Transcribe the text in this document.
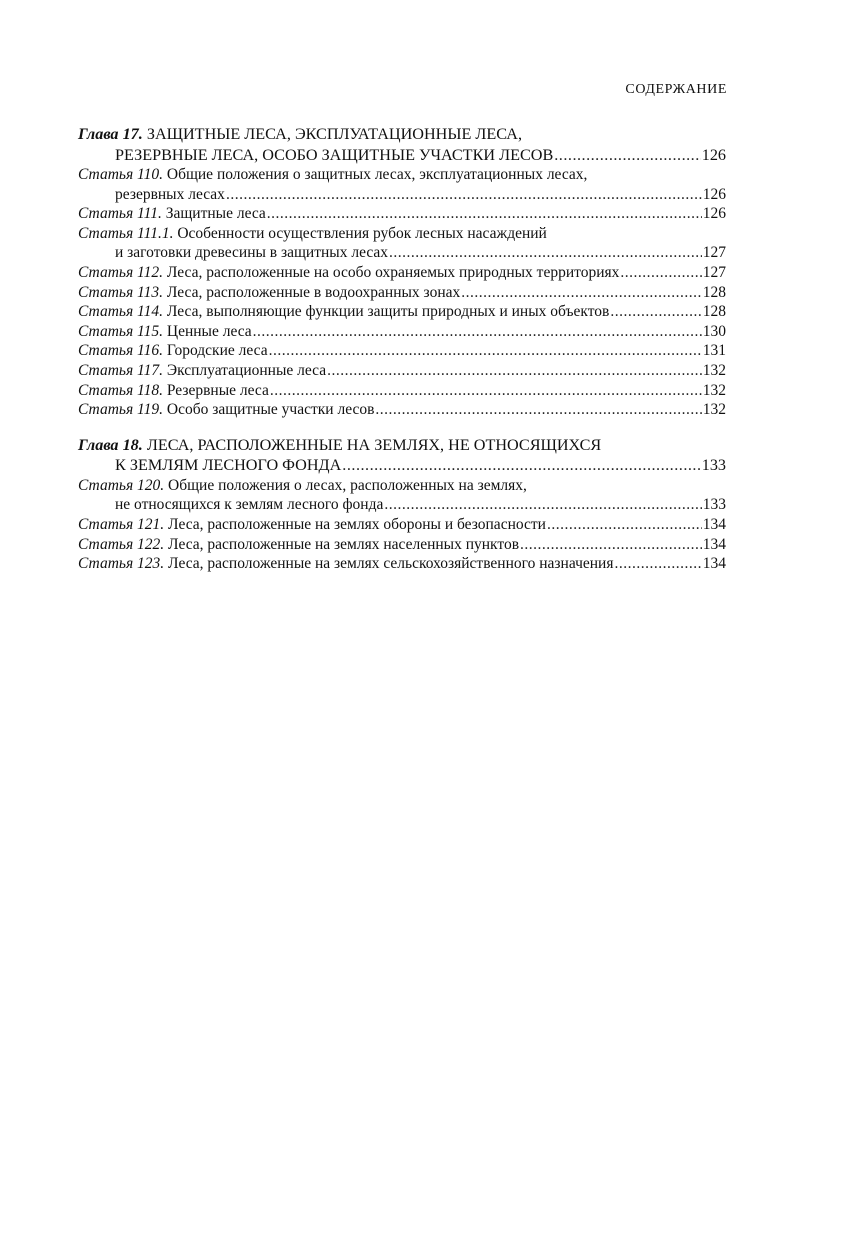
СОДЕРЖАНИЕ
Глава 17.
ЗАЩИТНЫЕ ЛЕСА, ЭКСПЛУАТАЦИОННЫЕ ЛЕСА,
РЕЗЕРВНЫЕ ЛЕСА, ОСОБО ЗАЩИТНЫЕ УЧАСТКИ ЛЕСОВ .....	126
Статья 110.
Общие положения о защитных лесах, эксплуатационных лесах,
резервных лесах .....	126
Статья 111.
Защитные леса .....	126
Статья 111.1.
Особенности осуществления рубок лесных насаждений
и заготовки древесины в защитных лесах .....	127
Статья 112.
Леса, расположенные на особо охраняемых природных территориях .....	127
Статья 113.
Леса, расположенные в водоохранных зонах .....	128
Статья 114.
Леса, выполняющие функции защиты природных и иных объектов .....	128
Статья 115.
Ценные леса .....	130
Статья 116.
Городские леса .....	131
Статья 117.
Эксплуатационные леса .....	132
Статья 118.
Резервные леса .....	132
Статья 119.
Особо защитные участки лесов .....	132
Глава 18.
ЛЕСА, РАСПОЛОЖЕННЫЕ НА ЗЕМЛЯХ, НЕ ОТНОСЯЩИХСЯ
К ЗЕМЛЯМ ЛЕСНОГО ФОНДА .....	133
Статья 120.
Общие положения о лесах, расположенных на землях,
не относящихся к землям лесного фонда .....	133
Статья 121.
Леса, расположенные на землях обороны и безопасности .....	134
Статья 122.
Леса, расположенные на землях населенных пунктов .....	134
Статья 123.
Леса, расположенные на землях сельскохозяйственного назначения .....	134
